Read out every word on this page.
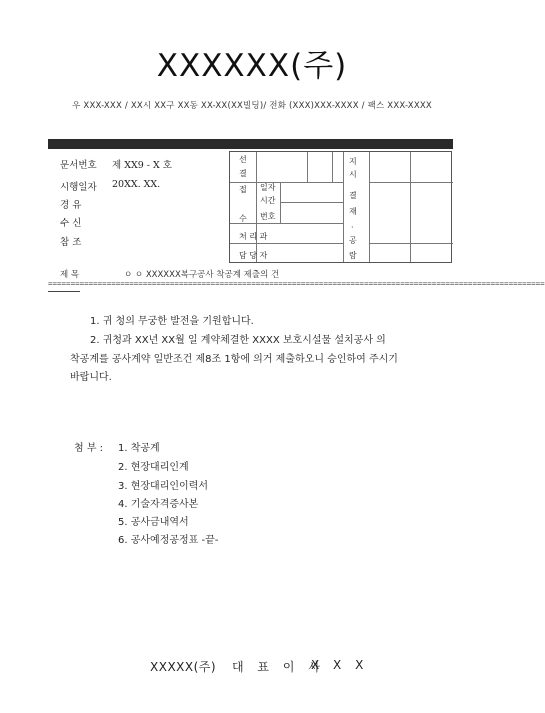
XXXXXX(주)
우 XXX-XXX / XX시 XX구 XX동 XX-XX(XX빌딩)/ 전화 (XXX)XXX-XXXX / 팩스 XXX-XXXX
문서번호 제 XX9 - X 호
시행일자 20XX. XX.
경 유
수 신
참 조
선
결
접 일자
시간
수 번호
처 리 과
담 당 자
지
시
결
재
·
공
람
제 목	ㅇ ㅇ XXXXXX복구공사 착공계 제출의 건
==============================================================================================================

1. 귀 청의 무궁한 발전을 기원합니다.
2. 귀청과 XX년 XX월 일 계약체결한 XXXX 보호시설물 설치공사 의
착공계를 공사계약 일반조건 제8조 1항에 의거 제출하오니 승인하여 주시기
바랍니다.
첨 부 : 1. 착공계
2. 현장대리인계
3. 현장대리인이력서
4. 기술자격증사본
5. 공사금내역서
6. 공사예정공정표 -끝-
XXXXX(주) 대 표 이 사
X X X
